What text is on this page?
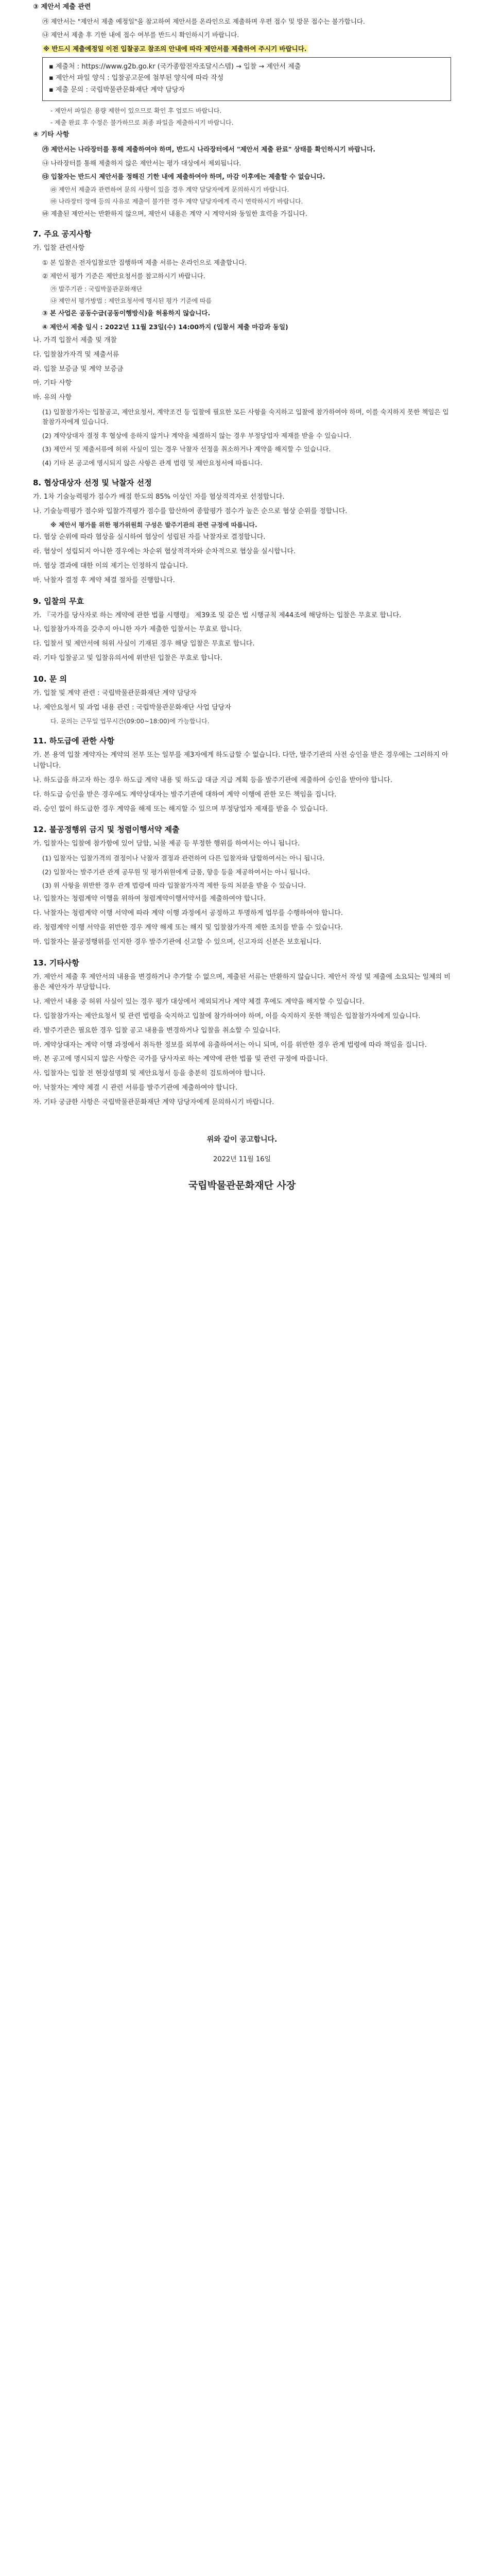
③ 제안서 제출 관련
㉮ 제안서는 "제안서 제출 예정일"을 참고하여 제안서를 온라인으로 제출하며 우편 접수 및 방문 접수는 불가합니다.
㉯ 제안서 제출 후 기한 내에 접수 여부를 반드시 확인하시기 바랍니다.
※ 반드시 제출예정일 이전 입찰공고 참조의 안내에 따라 제안서를 제출하여 주시기 바랍니다.
▪ 제출처 : https://www.g2b.go.kr (국가종합전자조달시스템) → 입찰 → 제안서 제출
▪ 제안서 파일 양식 : 입찰공고문에 첨부된 양식에 따라 작성
▪ 제출 문의 : 국립박물관문화재단 계약 담당자
- 제안서 파일은 용량 제한이 있으므로 확인 후 업로드 바랍니다.
- 제출 완료 후 수정은 불가하므로 최종 파일을 제출하시기 바랍니다.
④ 기타 사항
㉮ 제안서는 나라장터를 통해 제출하여야 하며, 반드시 나라장터에서 "제안서 제출 완료" 상태를 확인하시기 바랍니다.
㉯ 나라장터를 통해 제출하지 않은 제안서는 평가 대상에서 제외됩니다.
㉰ 입찰자는 반드시 제안서를 정해진 기한 내에 제출하여야 하며, 마감 이후에는 제출할 수 없습니다.
㉱ 제안서 제출과 관련하여 문의 사항이 있을 경우 계약 담당자에게 문의하시기 바랍니다.
㉲ 나라장터 장애 등의 사유로 제출이 불가한 경우 계약 담당자에게 즉시 연락하시기 바랍니다.
㉳ 제출된 제안서는 반환하지 않으며, 제안서 내용은 계약 시 계약서와 동일한 효력을 가집니다.
7. 주요 공지사항
가. 입찰 관련사항
① 본 입찰은 전자입찰로만 집행하며 제출 서류는 온라인으로 제출합니다.
② 제안서 평가 기준은 제안요청서를 참고하시기 바랍니다.
㉮ 발주기관 : 국립박물관문화재단
㉯ 제안서 평가방법 : 제안요청서에 명시된 평가 기준에 따름
③ 본 사업은 공동수급(공동이행방식)을 허용하지 않습니다.
④ 제안서 제출 일시 : 2022년 11월 23일(수) 14:00까지 (입찰서 제출 마감과 동일)
나. 가격 입찰서 제출 및 개찰
다. 입찰참가자격 및 제출서류
라. 입찰 보증금 및 계약 보증금
마. 기타 사항
바. 유의 사항
(1) 입찰참가자는 입찰공고, 제안요청서, 계약조건 등 입찰에 필요한 모든 사항을 숙지하고 입찰에 참가하여야 하며, 이를 숙지하지 못한 책임은 입찰참가자에게 있습니다.
(2) 계약상대자 결정 후 협상에 응하지 않거나 계약을 체결하지 않는 경우 부정당업자 제재를 받을 수 있습니다.
(3) 제안서 및 제출서류에 허위 사실이 있는 경우 낙찰자 선정을 취소하거나 계약을 해지할 수 있습니다.
(4) 기타 본 공고에 명시되지 않은 사항은 관계 법령 및 제안요청서에 따릅니다.
8. 협상대상자 선정 및 낙찰자 선정
가. 1차 기술능력평가 점수가 배점 한도의 85% 이상인 자를 협상적격자로 선정합니다.
나. 기술능력평가 점수와 입찰가격평가 점수를 합산하여 종합평가 점수가 높은 순으로 협상 순위를 정합니다.
※ 제안서 평가를 위한 평가위원회 구성은 발주기관의 관련 규정에 따릅니다.
다. 협상 순위에 따라 협상을 실시하여 협상이 성립된 자를 낙찰자로 결정합니다.
라. 협상이 성립되지 아니한 경우에는 차순위 협상적격자와 순차적으로 협상을 실시합니다.
마. 협상 결과에 대한 이의 제기는 인정하지 않습니다.
바. 낙찰자 결정 후 계약 체결 절차를 진행합니다.
9. 입찰의 무효
가. 『국가를 당사자로 하는 계약에 관한 법률 시행령』 제39조 및 같은 법 시행규칙 제44조에 해당하는 입찰은 무효로 합니다.
나. 입찰참가자격을 갖추지 아니한 자가 제출한 입찰서는 무효로 합니다.
다. 입찰서 및 제안서에 허위 사실이 기재된 경우 해당 입찰은 무효로 합니다.
라. 기타 입찰공고 및 입찰유의서에 위반된 입찰은 무효로 합니다.
10. 문 의
가. 입찰 및 계약 관련 : 국립박물관문화재단 계약 담당자
나. 제안요청서 및 과업 내용 관련 : 국립박물관문화재단 사업 담당자
다. 문의는 근무일 업무시간(09:00~18:00)에 가능합니다.
11. 하도급에 관한 사항
가. 본 용역 입찰 계약자는 계약의 전부 또는 일부를 제3자에게 하도급할 수 없습니다. 다만, 발주기관의 사전 승인을 받은 경우에는 그러하지 아니합니다.
나. 하도급을 하고자 하는 경우 하도급 계약 내용 및 하도급 대금 지급 계획 등을 발주기관에 제출하여 승인을 받아야 합니다.
다. 하도급 승인을 받은 경우에도 계약상대자는 발주기관에 대하여 계약 이행에 관한 모든 책임을 집니다.
라. 승인 없이 하도급한 경우 계약을 해제 또는 해지할 수 있으며 부정당업자 제재를 받을 수 있습니다.
12. 불공정행위 금지 및 청렴이행서약 제출
가. 입찰자는 입찰에 참가함에 있어 담합, 뇌물 제공 등 부정한 행위를 하여서는 아니 됩니다.
(1) 입찰자는 입찰가격의 결정이나 낙찰자 결정과 관련하여 다른 입찰자와 담합하여서는 아니 됩니다.
(2) 입찰자는 발주기관 관계 공무원 및 평가위원에게 금품, 향응 등을 제공하여서는 아니 됩니다.
(3) 위 사항을 위반한 경우 관계 법령에 따라 입찰참가자격 제한 등의 처분을 받을 수 있습니다.
나. 입찰자는 청렴계약 이행을 위하여 청렴계약이행서약서를 제출하여야 합니다.
다. 낙찰자는 청렴계약 이행 서약에 따라 계약 이행 과정에서 공정하고 투명하게 업무를 수행하여야 합니다.
라. 청렴계약 이행 서약을 위반한 경우 계약 해제 또는 해지 및 입찰참가자격 제한 조치를 받을 수 있습니다.
마. 입찰자는 불공정행위를 인지한 경우 발주기관에 신고할 수 있으며, 신고자의 신분은 보호됩니다.
13. 기타사항
가. 제안서 제출 후 제안서의 내용을 변경하거나 추가할 수 없으며, 제출된 서류는 반환하지 않습니다. 제안서 작성 및 제출에 소요되는 일체의 비용은 제안자가 부담합니다.
나. 제안서 내용 중 허위 사실이 있는 경우 평가 대상에서 제외되거나 계약 체결 후에도 계약을 해지할 수 있습니다.
다. 입찰참가자는 제안요청서 및 관련 법령을 숙지하고 입찰에 참가하여야 하며, 이를 숙지하지 못한 책임은 입찰참가자에게 있습니다.
라. 발주기관은 필요한 경우 입찰 공고 내용을 변경하거나 입찰을 취소할 수 있습니다.
마. 계약상대자는 계약 이행 과정에서 취득한 정보를 외부에 유출하여서는 아니 되며, 이를 위반한 경우 관계 법령에 따라 책임을 집니다.
바. 본 공고에 명시되지 않은 사항은 국가를 당사자로 하는 계약에 관한 법률 및 관련 규정에 따릅니다.
사. 입찰자는 입찰 전 현장설명회 및 제안요청서 등을 충분히 검토하여야 합니다.
아. 낙찰자는 계약 체결 시 관련 서류를 발주기관에 제출하여야 합니다.
자. 기타 궁금한 사항은 국립박물관문화재단 계약 담당자에게 문의하시기 바랍니다.
위와 같이 공고합니다.
2022년 11월 16일
국립박물관문화재단 사장
